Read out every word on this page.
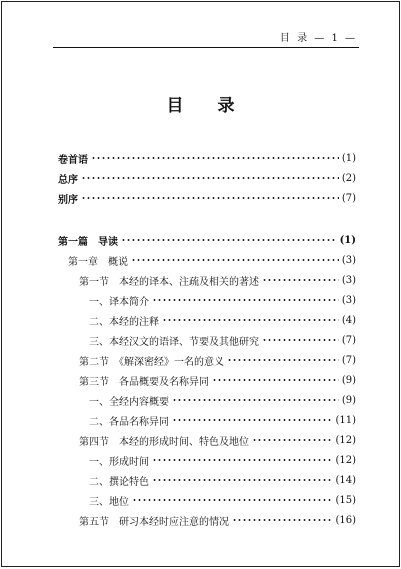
目 录 — 1 —
目 录
卷首语	(1)
总序	(2)
别序	(7)
第一篇　导读	(1)
第一章　概说	(3)
第一节　本经的译本、注疏及相关的著述	(3)
一、译本简介	(3)
二、本经的注释	(4)
三、本经汉文的语译、节要及其他研究	(7)
第二节　《解深密经》一名的意义	(7)
第三节　各品概要及名称异同	(9)
一、全经内容概要	(9)
二、各品名称异同	(11)
第四节　本经的形成时间、特色及地位	(12)
一、形成时间	(12)
二、撰论特色	(14)
三、地位	(15)
第五节　研习本经时应注意的情况	(16)
